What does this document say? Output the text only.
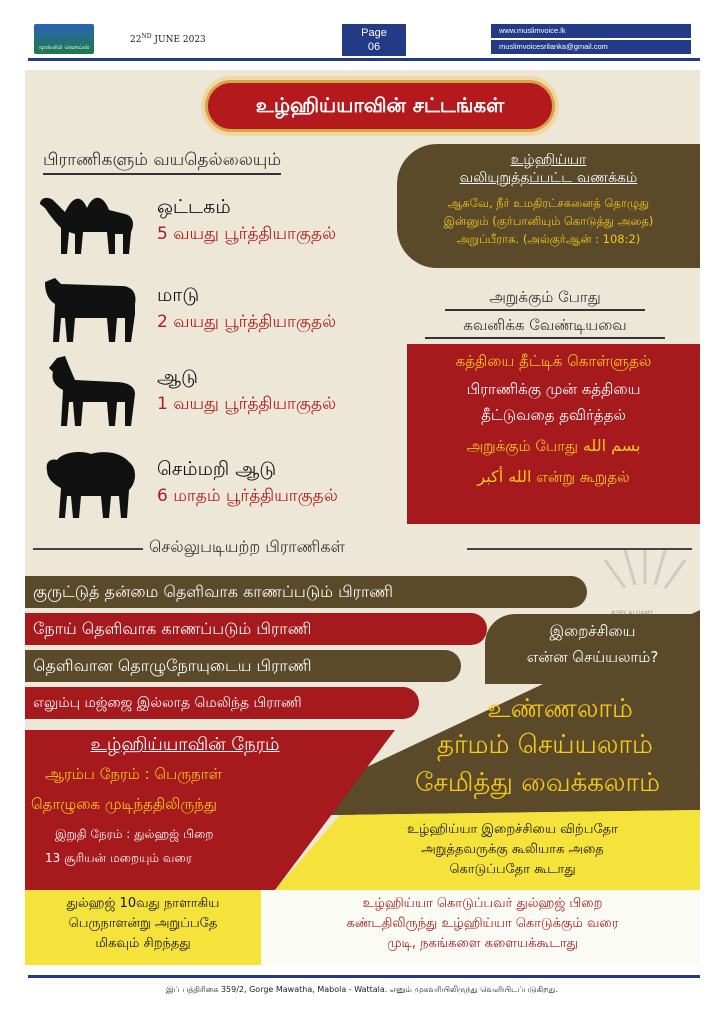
முஸ்லிம் வொய்ஸ்
22ND JUNE 2023
Page
06
www.muslimvoice.lk
muslimvoicesrilanka@gmail.com
உழ்ஹிய்யாவின் சட்டங்கள்
பிராணிகளும் வயதெல்லையும்
ஒட்டகம்
5 வயது பூர்த்தியாகுதல்
மாடு
2 வயது பூர்த்தியாகுதல்
ஆடு
1 வயது பூர்த்தியாகுதல்
செம்மறி ஆடு
6 மாதம் பூர்த்தியாகுதல்
உழ்ஹிய்யா
வலியுறுத்தப்பட்ட வணக்கம்
ஆகவே, நீர் உமதிரட்சகனைத் தொழுது
இன்னும் (குர்பானியும் கொடுத்து அதை)
அறுப்பீராக. (அல்குர்ஆன் : 108:2)
அறுக்கும் போது
கவனிக்க வேண்டியவை
கத்தியை தீட்டிக் கொள்ளுதல்
பிராணிக்கு முன் கத்தியை
தீட்டுவதை தவிர்த்தல்
அறுக்கும் போது بسم الله
الله أكبر என்று கூறுதல்
செல்லுபடியற்ற பிராணிகள்
குருட்டுத் தன்மை தெளிவாக காணப்படும் பிராணி
நோய் தெளிவாக காணப்படும் பிராணி
தெளிவான தொழுநோயுடைய பிராணி
எலும்பு மஜ்ஜை இல்லாத மெலிந்த பிராணி
இறைச்சியை
என்ன செய்யலாம்?
உண்ணலாம்
தர்மம் செய்யலாம்
சேமித்து வைக்கலாம்
உழ்ஹிய்யாவின் நேரம்
ஆரம்ப நேரம் : பெருநாள்
தொழுகை முடிந்ததிலிருந்து
இறுதி நேரம் : துல்ஹஜ் பிறை
13 சூரியன் மறையும் வரை
உழ்ஹிய்யா இறைச்சியை விற்பதோ
அறுத்தவருக்கு கூலியாக அதை
கொடுப்பதோ கூடாது
துல்ஹஜ் 10வது நாளாகிய
பெருநாளன்று அறுப்பதே
மிகவும் சிறந்தது
உழ்ஹிய்யா கொடுப்பவர் துல்ஹஜ் பிறை
கண்டதிலிருந்து உழ்ஹிய்யா கொடுக்கும் வரை
முடி, நகங்களை களையக்கூடாது
இப் பத்திரிகை 359/2, Gorge Mawatha, Mabola - Wattala. எனும் முகவரியிலிருந்து வெளியிடப்படுகிறது.
